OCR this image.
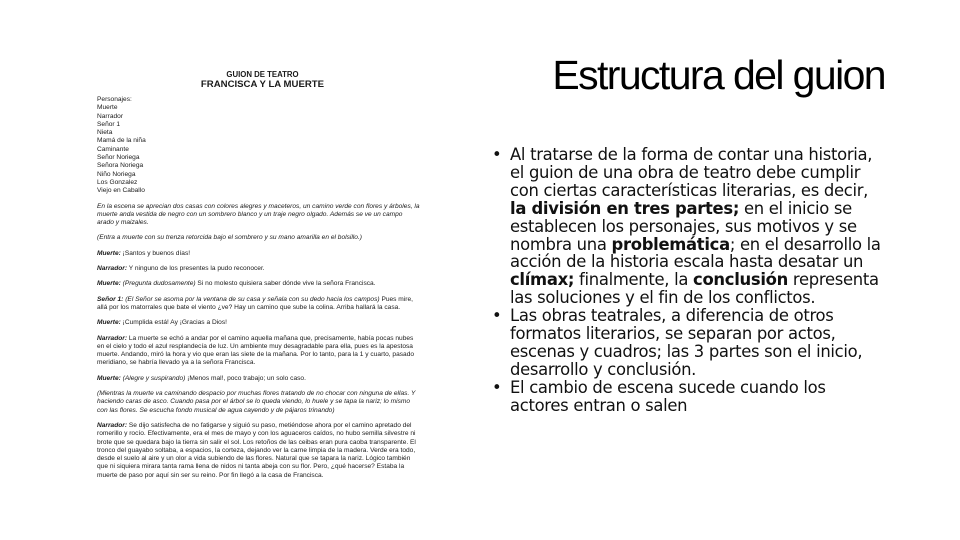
GUION DE TEATRO
FRANCISCA Y LA MUERTE
Personajes:
Muerte
Narrador
Señor 1
Nieta
Mamá de la niña
Caminante
Señor Noriega
Señora Noriega
Niño Noriega
Los Gonzalez
Viejo en Caballo
En la escena se aprecian dos casas con colores alegres y maceteros, un camino verde con flores y árboles, la muerte anda vestida de negro con un sombrero blanco y un traje negro olgado. Además se ve un campo arado y maizales.
(Entra a muerte con su trenza retorcida bajo el sombrero y su mano amarilla en el bolsillo.)
Muerte: ¡Santos y buenos días!
Narrador: Y ninguno de los presentes la pudo reconocer.
Muerte: (Pregunta dudosamente) Si no molesto quisiera saber dónde vive la señora Francisca.
Señor 1: (El Señor se asoma por la ventana de su casa y señala con su dedo hacia los campos) Pues mire, allá por los matorrales que bate el viento ¿ve? Hay un camino que sube la colina. Arriba hallará la casa.
Muerte: ¡Cumplida está! Ay ¡Gracias a Dios!
Narrador: La muerte se echó a andar por el camino aquella mañana que, precisamente, había pocas nubes en el cielo y todo el azul resplandecía de luz. Un ambiente muy desagradable para ella, pues es la apestosa muerte. Andando, miró la hora y vio que eran las siete de la mañana. Por lo tanto, para la 1 y cuarto, pasado meridiano, se habría llevado ya a la señora Francisca.
Muerte: (Alegre y suspirando) ¡Menos mal!, poco trabajo; un solo caso.
(Mientras la muerte va caminando despacio por muchas flores tratando de no chocar con ninguna de ellas. Y haciendo caras de asco. Cuando pasa por el árbol se lo queda viendo, lo huele y se tapa la nariz; lo mismo con las flores. Se escucha fondo musical de agua cayendo y de pájaros trinando)
Narrador: Se dijo satisfecha de no fatigarse y siguió su paso, metiéndose ahora por el camino apretado del romerillo y rocío. Efectivamente, era el mes de mayo y con los aguaceros caídos, no hubo semilla silvestre ni brote que se quedara bajo la tierra sin salir el sol. Los retoños de las ceibas eran pura caoba transparente. El tronco del guayabo soltaba, a espacios, la corteza, dejando ver la carne limpia de la madera. Verde era todo, desde el suelo al aire y un olor a vida subiendo de las flores. Natural que se tapara la nariz. Lógico también que ni siquiera mirara tanta rama llena de nidos ni tanta abeja con su flor. Pero, ¿qué hacerse? Estaba la muerte de paso por aquí sin ser su reino. Por fin llegó a la casa de Francisca.
Estructura del guion
• Al tratarse de la forma de contar una historia, el guion de una obra de teatro debe cumplir con ciertas características literarias, es decir, la división en tres partes; en el inicio se establecen los personajes, sus motivos y se nombra una problemática; en el desarrollo la acción de la historia escala hasta desatar un clímax; finalmente, la conclusión representa las soluciones y el fin de los conflictos.
• Las obras teatrales, a diferencia de otros formatos literarios, se separan por actos, escenas y cuadros; las 3 partes son el inicio, desarrollo y conclusión.
• El cambio de escena sucede cuando los actores entran o salen
